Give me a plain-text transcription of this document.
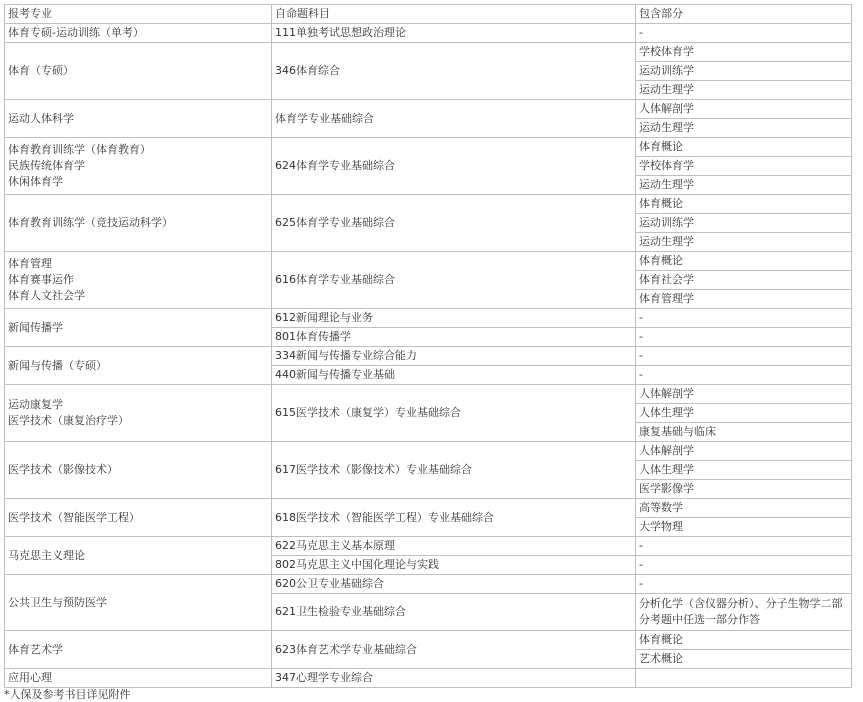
报考专业	自命题科目	包含部分

体育专硕-运动训练（单考）	111单独考试思想政治理论	-

体育（专硕）	346体育综合	学校体育学
		运动训练学
		运动生理学

运动人体科学	体育学专业基础综合	人体解剖学
		运动生理学

体育教育训练学（体育教育）
民族传统体育学
休闲体育学	624体育学专业基础综合	体育概论
		学校体育学
		运动生理学

体育教育训练学（竞技运动科学）	625体育学专业基础综合	体育概论
		运动训练学
		运动生理学

体育管理
体育赛事运作
体育人文社会学	616体育学专业基础综合	体育概论
		体育社会学
		体育管理学

新闻传播学	612新闻理论与业务	-
	801体育传播学	-

新闻与传播（专硕）	334新闻与传播专业综合能力	-
	440新闻与传播专业基础	-

运动康复学
医学技术（康复治疗学）	615医学技术（康复学）专业基础综合	人体解剖学
		人体生理学
		康复基础与临床

医学技术（影像技术）	617医学技术（影像技术）专业基础综合	人体解剖学
		人体生理学
		医学影像学

医学技术（智能医学工程）	618医学技术（智能医学工程）专业基础综合	高等数学
		大学物理

马克思主义理论	622马克思主义基本原理	-
	802马克思主义中国化理论与实践	-

公共卫生与预防医学	620公卫专业基础综合	-
	621卫生检验专业基础综合	分析化学（含仪器分析）、分子生物学二部分考题中任选一部分作答

体育艺术学	623体育艺术学专业基础综合	体育概论
		艺术概论

应用心理	347心理学专业综合	
*人保及参考书目详见附件
